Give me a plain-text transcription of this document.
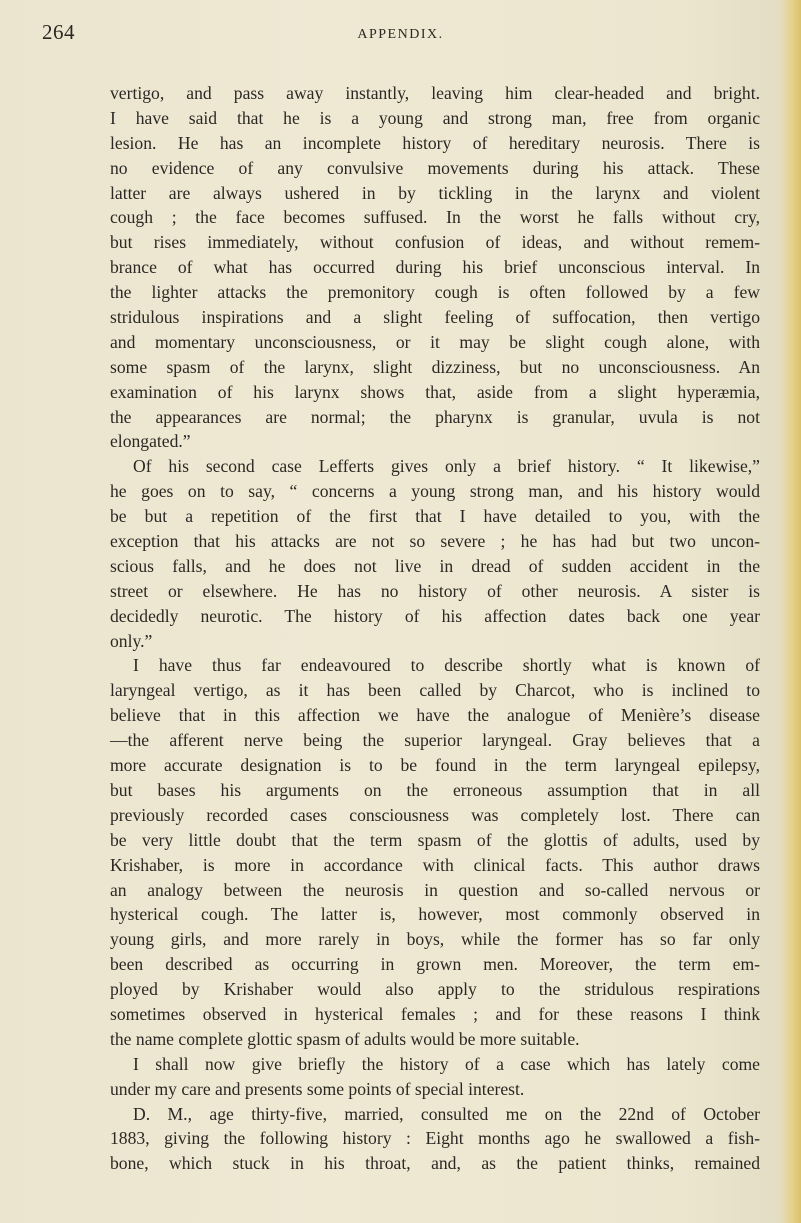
264	APPENDIX.
vertigo, and pass away instantly, leaving him clear-headed and bright.
I have said that he is a young and strong man, free from organic
lesion. He has an incomplete history of hereditary neurosis. There is
no evidence of any convulsive movements during his attack. These
latter are always ushered in by tickling in the larynx and violent
cough ; the face becomes suffused. In the worst he falls without cry,
but rises immediately, without confusion of ideas, and without remem-
brance of what has occurred during his brief unconscious interval. In
the lighter attacks the premonitory cough is often followed by a few
stridulous inspirations and a slight feeling of suffocation, then vertigo
and momentary unconsciousness, or it may be slight cough alone, with
some spasm of the larynx, slight dizziness, but no unconsciousness. An
examination of his larynx shows that, aside from a slight hyperæmia,
the appearances are normal; the pharynx is granular, uvula is not
elongated.”
Of his second case Lefferts gives only a brief history. “ It likewise,”
he goes on to say, “ concerns a young strong man, and his history would
be but a repetition of the first that I have detailed to you, with the
exception that his attacks are not so severe ; he has had but two uncon-
scious falls, and he does not live in dread of sudden accident in the
street or elsewhere. He has no history of other neurosis. A sister is
decidedly neurotic. The history of his affection dates back one year
only.”
I have thus far endeavoured to describe shortly what is known of
laryngeal vertigo, as it has been called by Charcot, who is inclined to
believe that in this affection we have the analogue of Menière’s disease
—the afferent nerve being the superior laryngeal. Gray believes that a
more accurate designation is to be found in the term laryngeal epilepsy,
but bases his arguments on the erroneous assumption that in all
previously recorded cases consciousness was completely lost. There can
be very little doubt that the term spasm of the glottis of adults, used by
Krishaber, is more in accordance with clinical facts. This author draws
an analogy between the neurosis in question and so-called nervous or
hysterical cough. The latter is, however, most commonly observed in
young girls, and more rarely in boys, while the former has so far only
been described as occurring in grown men. Moreover, the term em-
ployed by Krishaber would also apply to the stridulous respirations
sometimes observed in hysterical females ; and for these reasons I think
the name complete glottic spasm of adults would be more suitable.
I shall now give briefly the history of a case which has lately come
under my care and presents some points of special interest.
D. M., age thirty-five, married, consulted me on the 22nd of October
1883, giving the following history : Eight months ago he swallowed a fish-
bone, which stuck in his throat, and, as the patient thinks, remained
